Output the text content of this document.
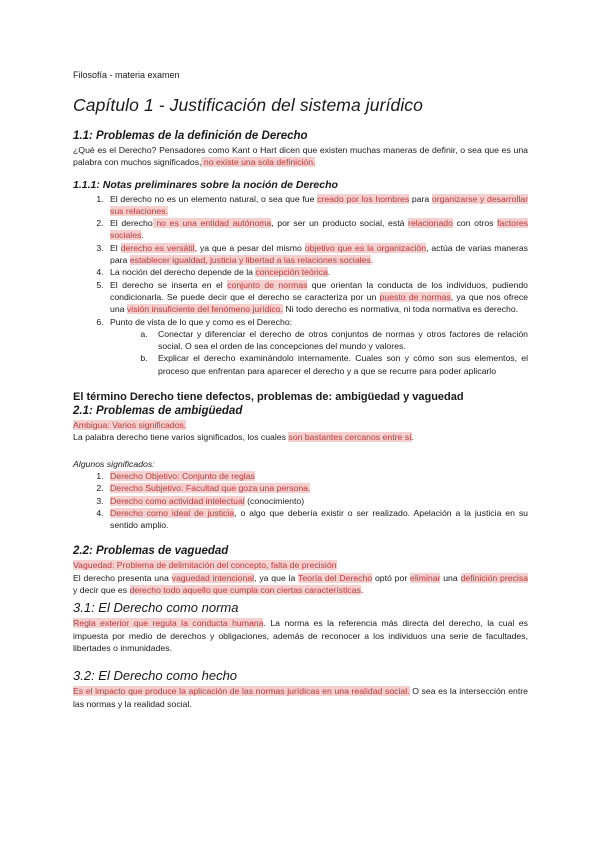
Filosofía - materia examen
Capítulo 1 - Justificación del sistema jurídico
1.1: Problemas de la definición de Derecho

¿Qué es el Derecho? Pensadores como Kant o Hart dicen que existen muchas maneras de definir, o sea que es una palabra con muchos significados, no existe una sola definición.

1.1.1: Notas preliminares sobre la noción de Derecho
1. El derecho no es un elemento natural, o sea que fue creado por los hombres para organizarse y desarrollar sus relaciones.
2. El derecho no es una entidad autónoma, por ser un producto social, está relacionado con otros factores sociales.
3. El derecho es versátil, ya que a pesar del mismo objetivo que es la organización, actúa de varias maneras para establecer igualdad, justicia y libertad a las relaciones sociales.
4. La noción del derecho depende de la concepción teórica.
5. El derecho se inserta en el conjunto de normas que orientan la conducta de los individuos, pudiendo condicionarla. Se puede decir que el derecho se caracteriza por un puesto de normas, ya que nos ofrece una visión insuficiente del fenómeno jurídico. Ni todo derecho es normativa, ni toda normativa es derecho.
6. Punto de vista de lo que y como es el Derecho:
a. Conectar y diferenciar el derecho de otros conjuntos de normas y otros factores de relación social. O sea el orden de las concepciones del mundo y valores.
b. Explicar el derecho examinándolo internamente. Cuales son y cómo son sus elementos, el proceso que enfrentan para aparecer el derecho y a que se recurre para poder aplicarlo
El término Derecho tiene defectos, problemas de: ambigüedad y vaguedad
2.1: Problemas de ambigüedad

Ambigua: Varios significados.

La palabra derecho tiene varios significados, los cuales son bastantes cercanos entre sí.

Algunos significados:

1. Derecho Objetivo: Conjunto de reglas
2. Derecho Subjetivo: Facultad que goza una persona.
3. Derecho como actividad intelectual (conocimiento)
4. Derecho como ideal de justicia, o algo que debería existir o ser realizado. Apelación a la justicia en su sentido amplio.
2.2: Problemas de vaguedad

Vaguedad: Problema de delimitación del concepto, falta de precisión

El derecho presenta una vaguedad intencional, ya que la Teoría del Derecho optó por eliminar una definición precisa y decir que es derecho todo aquello que cumpla con ciertas características.

3.1: El Derecho como norma

Regla exterior que regula la conducta humana. La norma es la referencia más directa del derecho, la cual es impuesta por medio de derechos y obligaciones, además de reconocer a los individuos una serie de facultades, libertades o inmunidades.

3.2: El Derecho como hecho

Es el impacto que produce la aplicación de las normas jurídicas en una realidad social. O sea es la intersección entre las normas y la realidad social.
